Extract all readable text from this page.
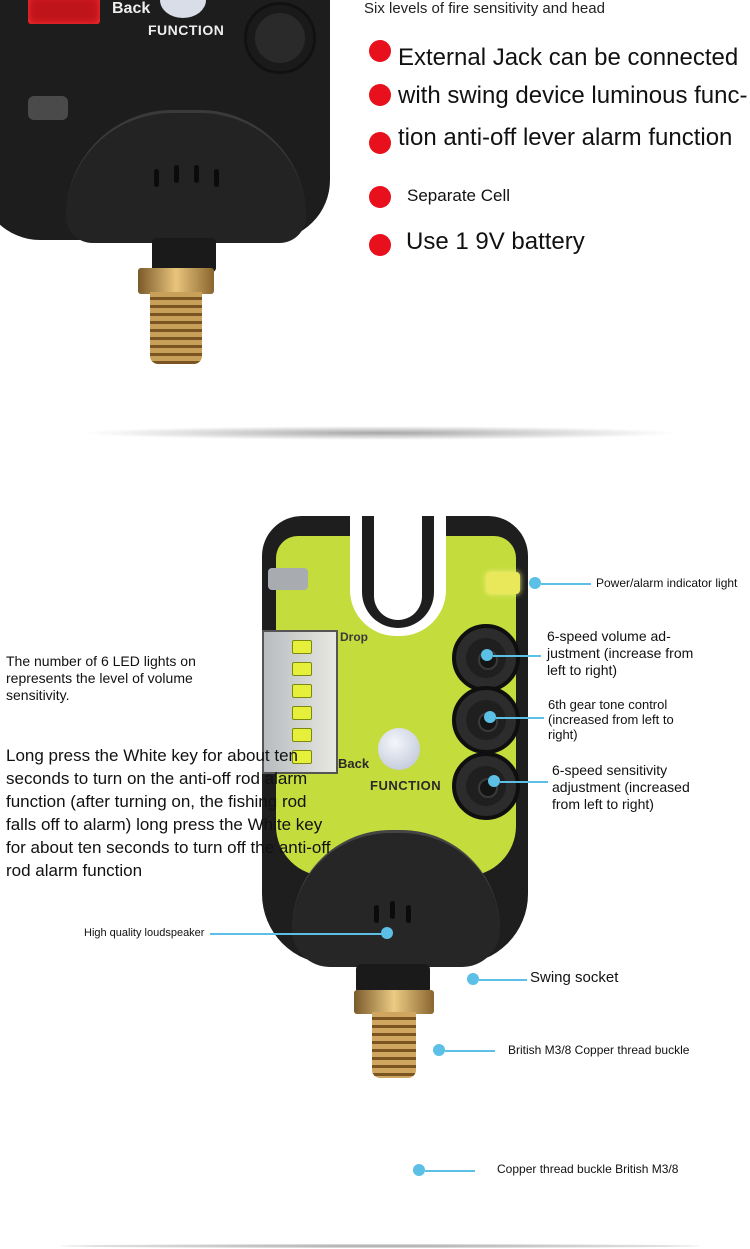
Back
FUNCTION
Six levels of fire sensitivity and head
External Jack can be connected
with swing device luminous func-
tion anti-off lever alarm function
Separate Cell
Use 1 9V battery
Drop
Back
FUNCTION
Power/alarm indicator light
The number of 6 LED lights on represents the level of volume sensitivity.
6-speed volume ad-justment (increase from left to right)
6th gear tone control (increased from left to right)
6-speed sensitivity adjustment (increased from left to right)
Long press the White key for about ten seconds to turn on the anti-off rod alarm function (after turning on, the fishing rod falls off to alarm) long press the White key for about ten seconds to turn off the anti-off rod alarm function
High quality loudspeaker
Swing socket
British M3/8 Copper thread buckle
Copper thread buckle British M3/8
